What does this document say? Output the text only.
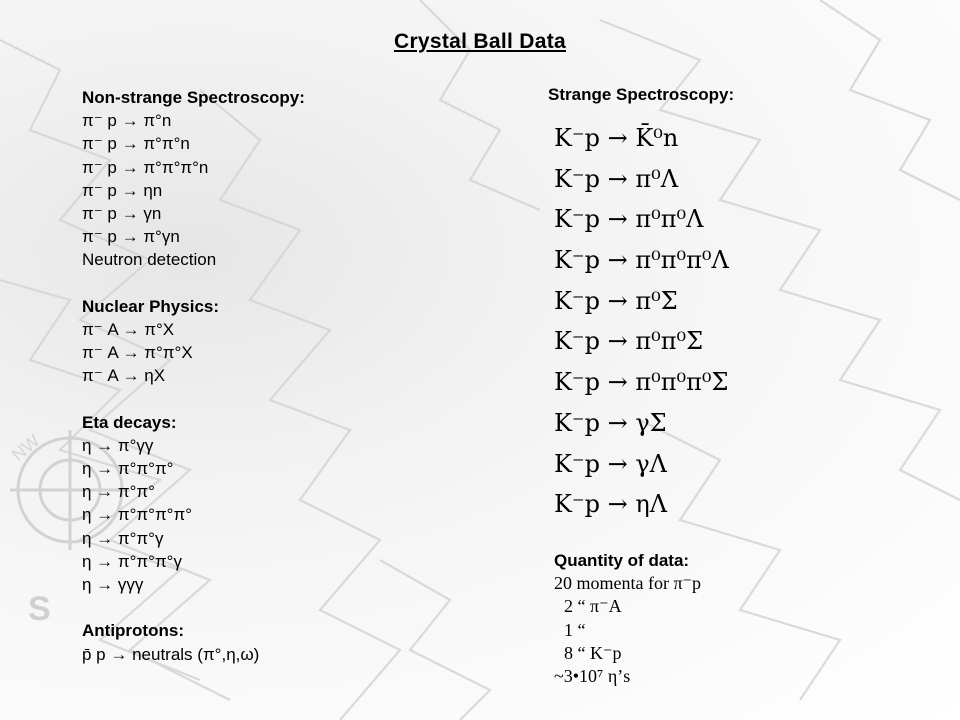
S
NW
Crystal Ball Data
Non-strange Spectroscopy:
π⁻ p → π°n
π⁻ p → π°π°n
π⁻ p → π°π°π°n
π⁻ p → ηn
π⁻ p → γn
π⁻ p → π°γn
Neutron detection
Nuclear Physics:
π⁻ A → π°X
π⁻ A → π°π°X
π⁻ A → ηX
Eta decays:
η → π°γγ
η → π°π°π°
η → π°π°
η → π°π°π°π°
η → π°π°γ
η → π°π°π°γ
η → γγγ
Antiprotons:
p̄ p → neutrals (π°,η,ω)
Strange Spectroscopy:
K⁻p → K̄⁰n
K⁻p → π⁰Λ
K⁻p → π⁰π⁰Λ
K⁻p → π⁰π⁰π⁰Λ
K⁻p → π⁰Σ
K⁻p → π⁰π⁰Σ
K⁻p → π⁰π⁰π⁰Σ
K⁻p → γΣ
K⁻p → γΛ
K⁻p → ηΛ
Quantity of data:
20 momenta for π⁻p
2 “ π⁻A
1 “
8 “ K⁻p
~3•10⁷ η’s
